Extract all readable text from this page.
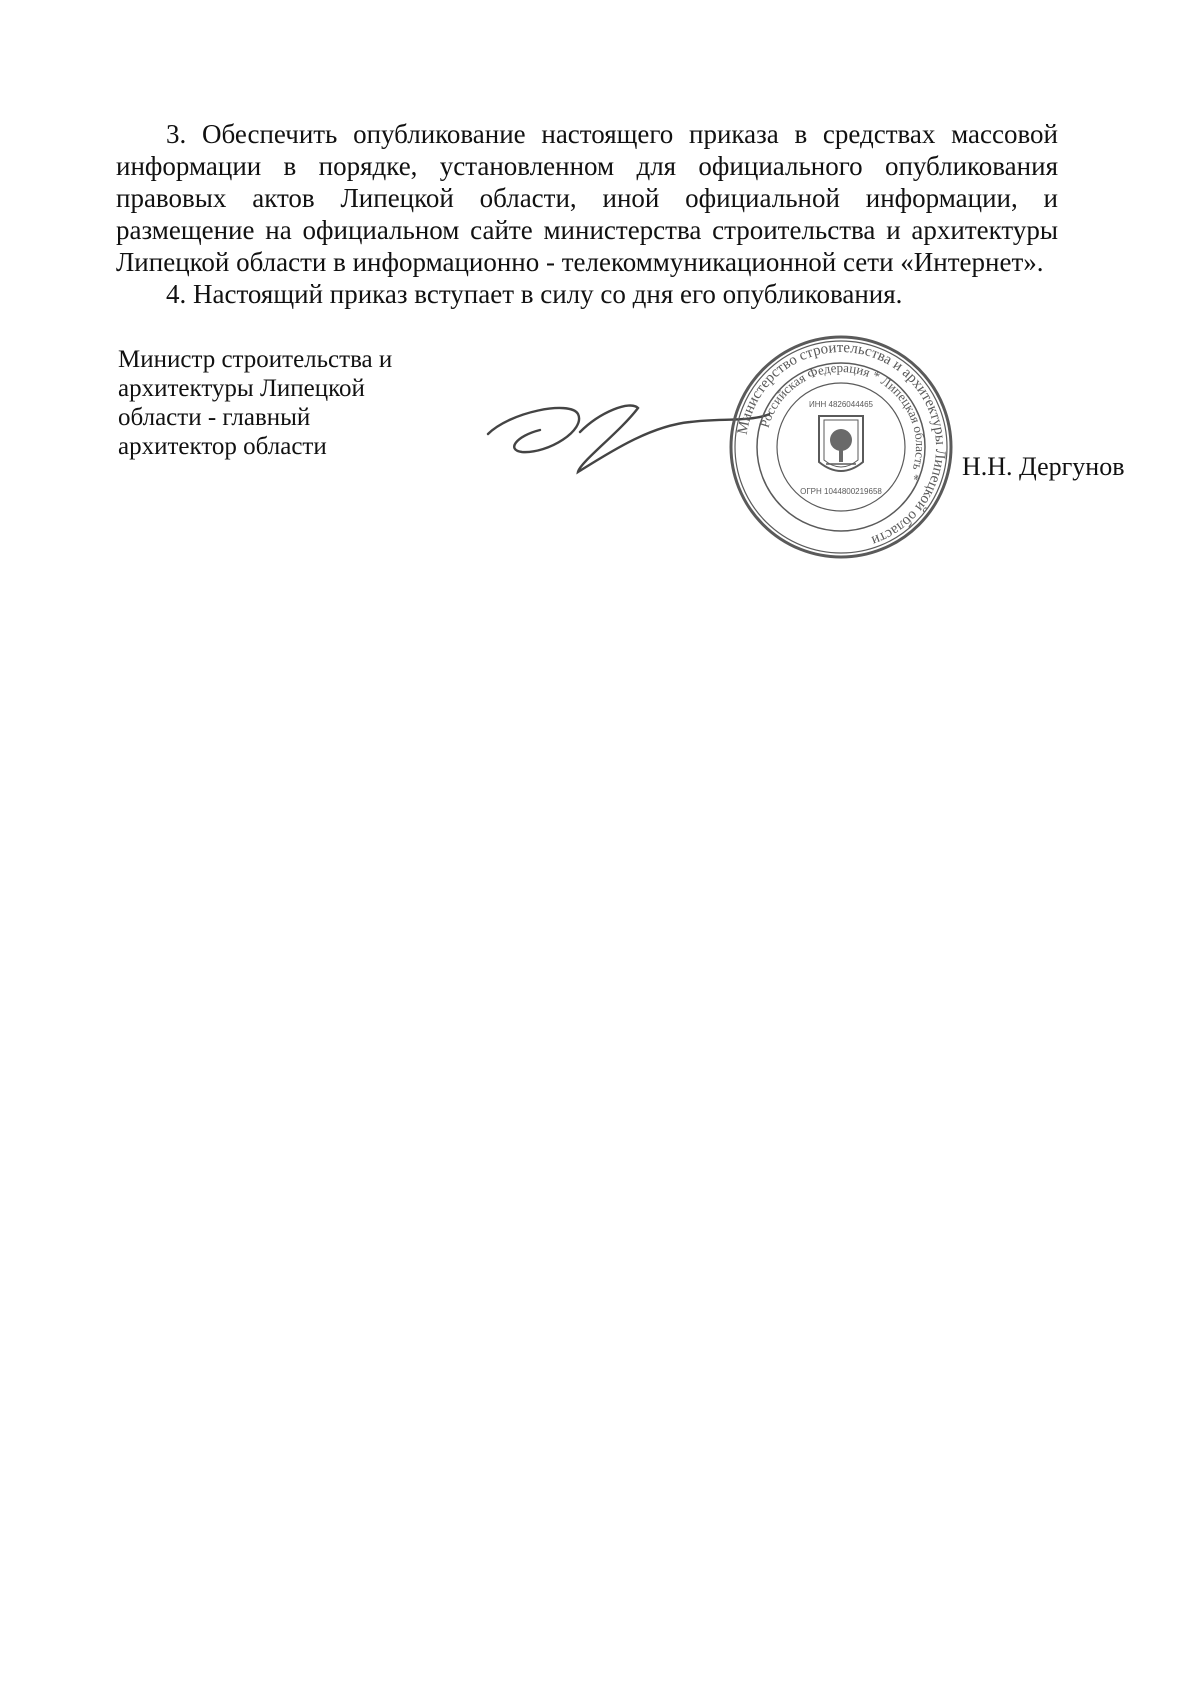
3. Обеспечить опубликование настоящего приказа в средствах массовой информации в порядке, установленном для официального опубликования правовых актов Липецкой области, иной официальной информации, и размещение на официальном сайте министерства строительства и архитектуры Липецкой области в информационно - телекоммуникационной сети «Интернет».

4. Настоящий приказ вступает в силу со дня его опубликования.

Министр строительства и
архитектуры Липецкой
области - главный
архитектор области
Министерство строительства и архитектуры Липецкой области
Российская Федерация * Липецкая область *
ИНН 4826044465
ОГРН 1044800219658
Н.Н. Дергунов
